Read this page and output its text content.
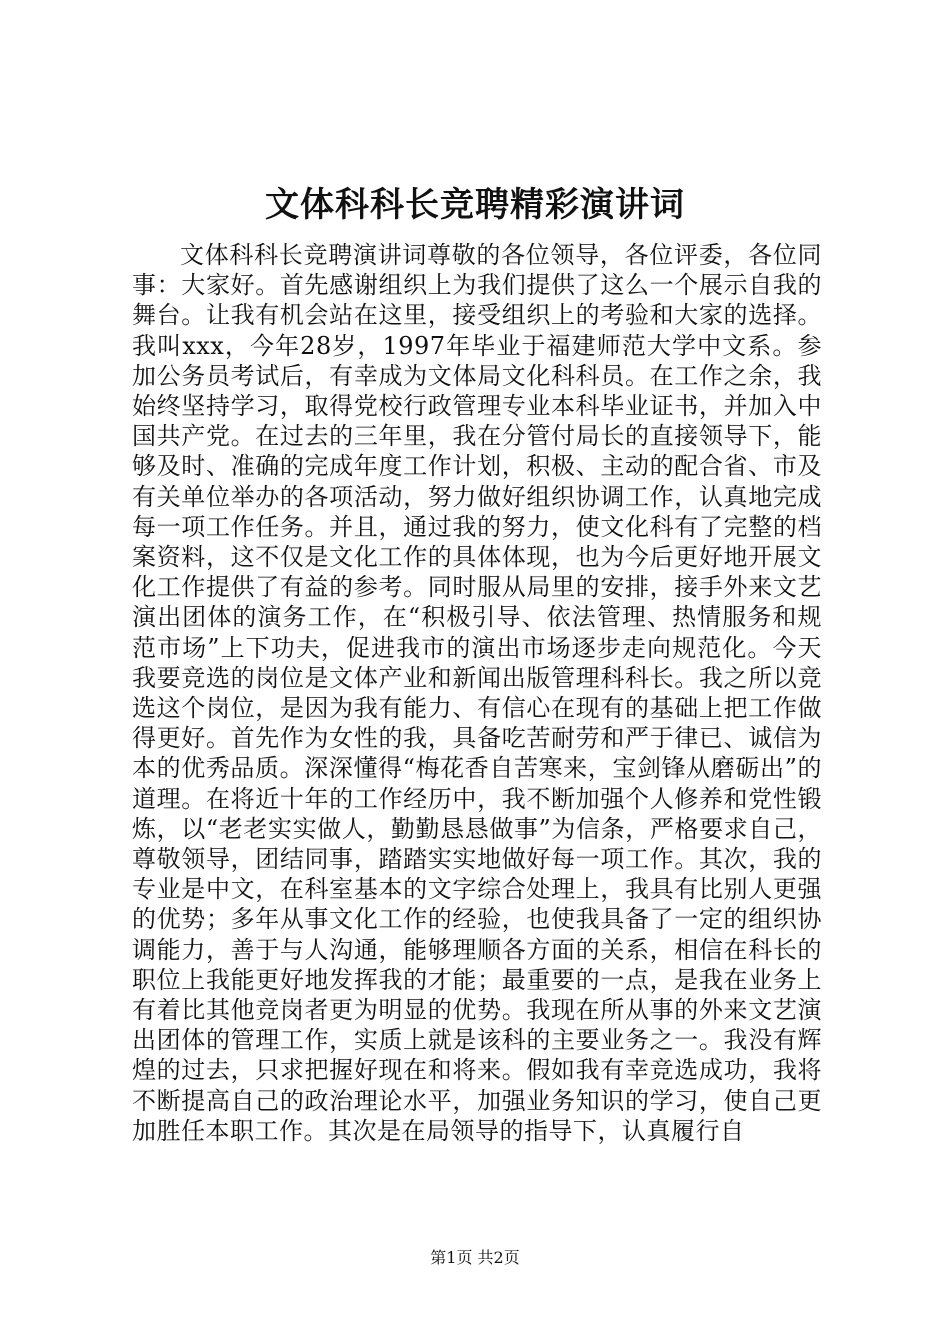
文体科科长竞聘精彩演讲词

文体科科长竞聘演讲词尊敬的各位领导，各位评委，各位同事：大家好。首先感谢组织上为我们提供了这么一个展示自我的舞台。让我有机会站在这里，接受组织上的考验和大家的选择。我叫xxx，今年28岁，1997年毕业于福建师范大学中文系。参加公务员考试后，有幸成为文体局文化科科员。在工作之余，我始终坚持学习，取得党校行政管理专业本科毕业证书，并加入中国共产党。在过去的三年里，我在分管付局长的直接领导下，能够及时、准确的完成年度工作计划，积极、主动的配合省、市及有关单位举办的各项活动，努力做好组织协调工作，认真地完成每一项工作任务。并且，通过我的努力，使文化科有了完整的档案资料，这不仅是文化工作的具体体现，也为今后更好地开展文化工作提供了有益的参考。同时服从局里的安排，接手外来文艺演出团体的演务工作，在“积极引导、依法管理、热情服务和规范市场”上下功夫，促进我市的演出市场逐步走向规范化。今天我要竞选的岗位是文体产业和新闻出版管理科科长。我之所以竞选这个岗位，是因为我有能力、有信心在现有的基础上把工作做得更好。首先作为女性的我，具备吃苦耐劳和严于律已、诚信为本的优秀品质。深深懂得“梅花香自苦寒来，宝剑锋从磨砺出”的道理。在将近十年的工作经历中，我不断加强个人修养和党性锻炼，以“老老实实做人，勤勤恳恳做事”为信条，严格要求自己，尊敬领导，团结同事，踏踏实实地做好每一项工作。其次，我的专业是中文，在科室基本的文字综合处理上，我具有比别人更强的优势；多年从事文化工作的经验，也使我具备了一定的组织协调能力，善于与人沟通，能够理顺各方面的关系，相信在科长的职位上我能更好地发挥我的才能；最重要的一点，是我在业务上有着比其他竞岗者更为明显的优势。我现在所从事的外来文艺演出团体的管理工作，实质上就是该科的主要业务之一。我没有辉煌的过去，只求把握好现在和将来。假如我有幸竞选成功，我将不断提高自己的政治理论水平，加强业务知识的学习，使自己更加胜任本职工作。其次是在局领导的指导下，认真履行自

第1页 共2页
